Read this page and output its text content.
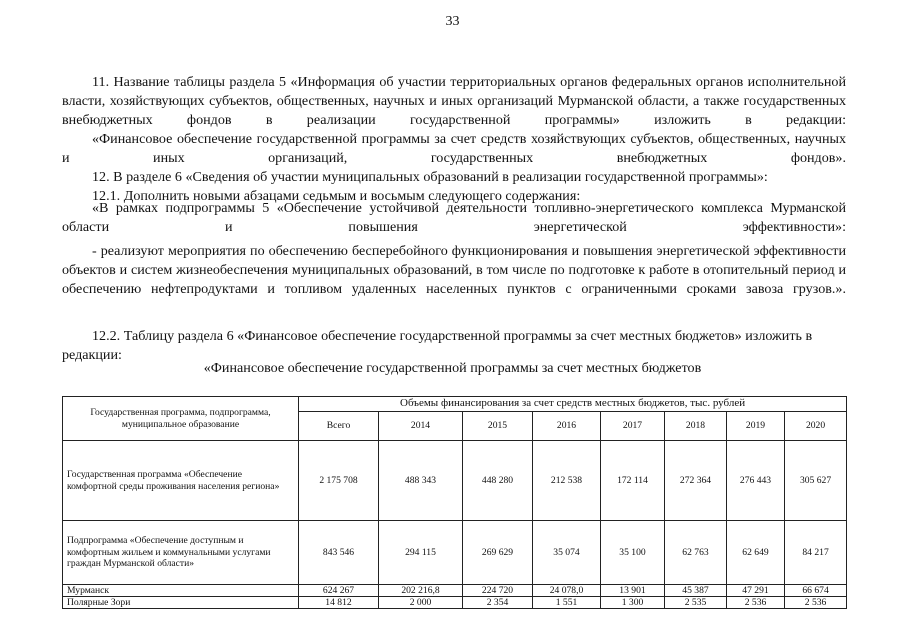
33
11. Название таблицы раздела 5 «Информация об участии территориальных органов федеральных органов исполнительной власти, хозяйствующих субъектов, общественных, научных и иных организаций Мурманской области, а также государственных внебюджетных фондов в реализации государственной программы» изложить в редакции:
«Финансовое обеспечение государственной программы за счет средств хозяйствующих субъектов, общественных, научных и иных организаций, государственных внебюджетных фондов».
12. В разделе 6 «Сведения об участии муниципальных образований в реализации государственной программы»:
12.1. Дополнить новыми абзацами седьмым и восьмым следующего содержания:
«В рамках подпрограммы 5 «Обеспечение устойчивой деятельности топливно-энергетического комплекса Мурманской области и повышения энергетической эффективности»:
- реализуют мероприятия по обеспечению бесперебойного функционирования и повышения энергетической эффективности объектов и систем жизнеобеспечения муниципальных образований, в том числе по подготовке к работе в отопительный период и обеспечению нефтепродуктами и топливом удаленных населенных пунктов с ограниченными сроками завоза грузов.».
12.2. Таблицу раздела 6 «Финансовое обеспечение государственной программы за счет местных бюджетов» изложить в редакции:
«Финансовое обеспечение государственной программы за счет местных бюджетов
Государственная программа, подпрограмма, муниципальное образование	Объемы финансирования за счет средств местных бюджетов, тыс. рублей							
	Всего	2014	2015	2016	2017	2018	2019	2020
Государственная программа «Обеспечение комфортной среды проживания населения региона»	2 175 708	488 343	448 280	212 538	172 114	272 364	276 443	305 627
Подпрограмма «Обеспечение доступным и комфортным жильем и коммунальными услугами граждан Мурманской области»	843 546	294 115	269 629	35 074	35 100	62 763	62 649	84 217
Мурманск	624 267	202 216,8	224 720	24 078,0	13 901	45 387	47 291	66 674
Полярные Зори	14 812	2 000	2 354	1 551	1 300	2 535	2 536	2 536
